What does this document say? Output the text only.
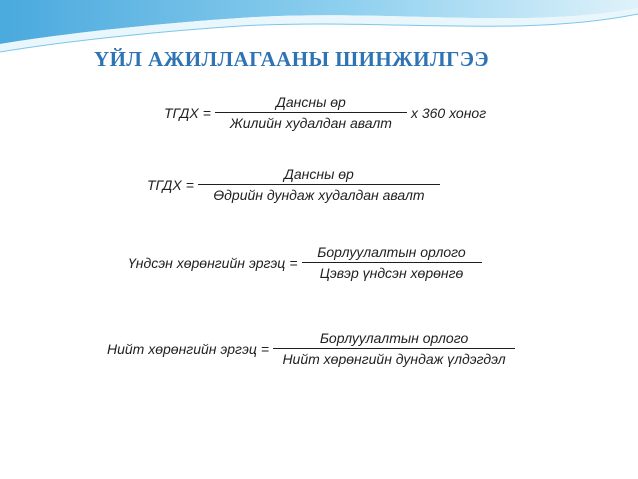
ҮЙЛ АЖИЛЛАГААНЫ ШИНЖИЛГЭЭ
ТГДХ = $\frac{\text{Дансны өр}}{\text{Жилийн худалдан авалт}}$ х 360 хоног
ТГДХ = $\frac{\text{Дансны өр}}{\text{Өдрийн дундаж худалдан авалт}}$
Үндсэн хөрөнгийн эргэц = $\frac{\text{Борлуулалтын орлого}}{\text{Цэвэр үндсэн хөрөнгө}}$
Нийт хөрөнгийн эргэц = $\frac{\text{Борлуулалтын орлого}}{\text{Нийт хөрөнгийн дундаж үлдэгдэл}}$
